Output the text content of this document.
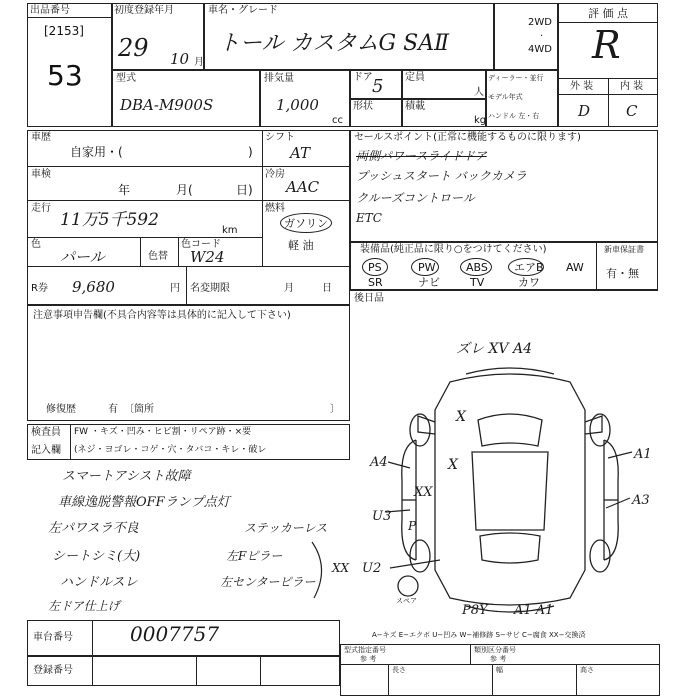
出品番号
[2153]
53
初度登録年月
29 10 月
車名・グレード
トール カスタムG SAⅡ
2WD
4WD
·
評 価 点
R
外 装	内 装
D C
型式
DBA-M900S
排気量
1,000
cc
ドア 5 定員
人
形状	積載
kg
ディーラー・並行
モデル年式
ハンドル 左・右
車歴
自家用・(	)
シフト
AT
車検
年	月(	日)
冷房
AAC
走行
11万5千592
km
燃料
ガソリン
軽 油
色
パール	色替
色コード
W24
R券 9,680	円 名変期限	月	日
セールスポイント(正常に機能するものに限ります)
両側パワースライドドア
プッシュスタート バックカメラ
クルーズコントロール
ETC
装備品(純正品に限り○をつけてください)	新車保証書
有・無
PS	PW	ABS エアB AW
SR	ナビ	TV	カワ
後日品
注意事項申告欄(不具合内容等は具体的に記入して下さい)
修復歴	有 〔箇所	〕
検査員
記入欄
FW ・キズ・凹み・ヒビ割・リペア跡・×要
(ネジ・ヨゴレ・コゲ・穴・タバコ・キレ・破レ
スマートアシスト故障
車線逸脱警報OFFランプ点灯
左パワスラ不良
シートシミ(大)
ハンドルスレ
左ドア仕上げ
ステッカーレス
左Fピラー
左センターピラー
XX
ズレ XV A4
A1
A3
A4
U3
U2
X
X
XX
P
A1 A1
P8Y
スペア
A−キズ E−エクボ U−凹み W−補修跡 S−サビ C−腐食 XX−交換済
車台番号	0007757
登録番号
型式指定番号
参 考
類別区分番号
参 考
長さ	幅	高さ
